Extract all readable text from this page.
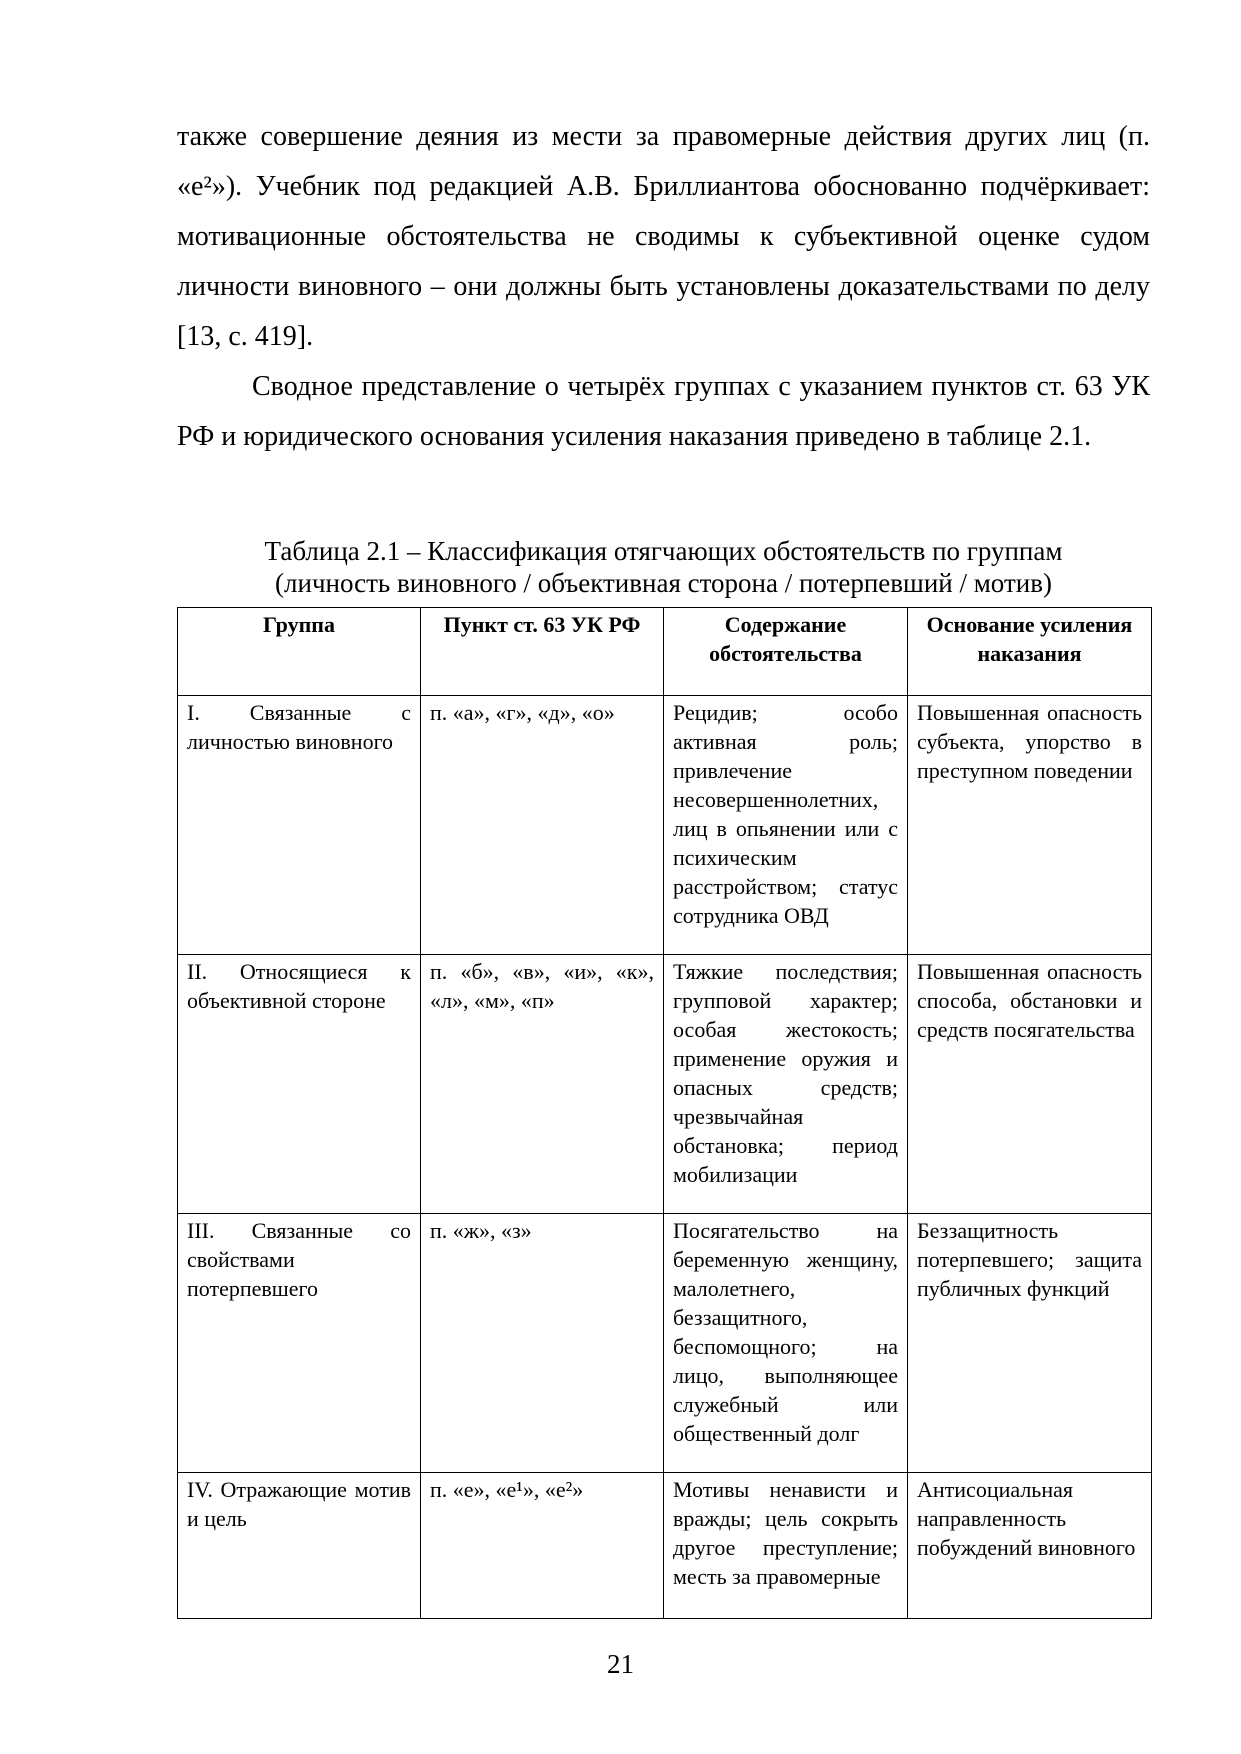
также совершение деяния из мести за правомерные действия других лиц (п. «е²»). Учебник под редакцией А.В. Бриллиантова обоснованно подчёркивает: мотивационные обстоятельства не сводимы к субъективной оценке судом личности виновного – они должны быть установлены доказательствами по делу [13, с. 419].

Сводное представление о четырёх группах с указанием пунктов ст. 63 УК РФ и юридического основания усиления наказания приведено в таблице 2.1.

Таблица 2.1 – Классификация отягчающих обстоятельств по группам
(личность виновного / объективная сторона / потерпевший / мотив)
Группа	Пункт ст. 63 УК РФ	Содержание обстоятельства	Основание усиления наказания
I. Связанные с личностью виновного	п. «а», «г», «д», «о»	Рецидив; особо активная роль; привлечение несовершеннолетних, лиц в опьянении или с психическим расстройством; статус сотрудника ОВД	Повышенная опасность субъекта, упорство в преступном поведении
II. Относящиеся к объективной стороне	п. «б», «в», «и», «к», «л», «м», «п»	Тяжкие последствия; групповой характер; особая жестокость; применение оружия и опасных средств; чрезвычайная обстановка; период мобилизации	Повышенная опасность способа, обстановки и средств посягательства
III. Связанные со свойствами потерпевшего	п. «ж», «з»	Посягательство на беременную женщину, малолетнего, беззащитного, беспомощного; на лицо, выполняющее служебный или общественный долг	Беззащитность потерпевшего; защита публичных функций
IV. Отражающие мотив и цель	п. «е», «е¹», «е²»	Мотивы ненависти и вражды; цель сокрыть другое преступление; месть за правомерные	Антисоциальная направленность побуждений виновного
21
